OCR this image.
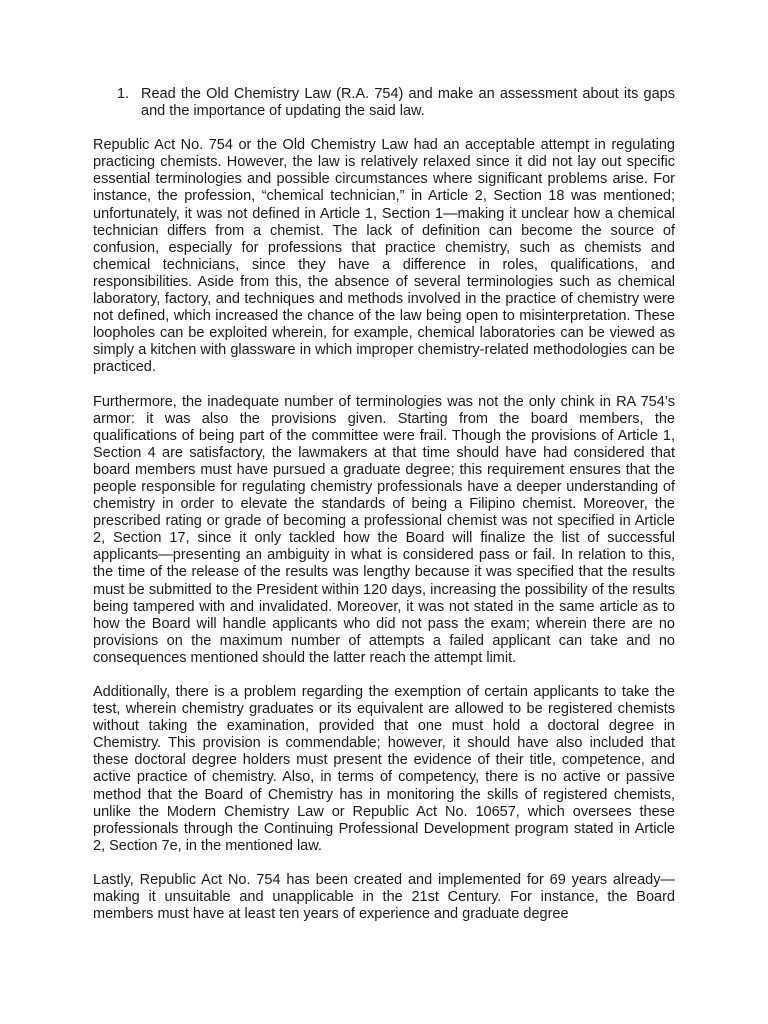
1. Read the Old Chemistry Law (R.A. 754) and make an assessment about its gaps and the importance of updating the said law.

Republic Act No. 754 or the Old Chemistry Law had an acceptable attempt in regulating practicing chemists. However, the law is relatively relaxed since it did not lay out specific essential terminologies and possible circumstances where significant problems arise. For instance, the profession, “chemical technician,” in Article 2, Section 18 was mentioned; unfortunately, it was not defined in Article 1, Section 1—making it unclear how a chemical technician differs from a chemist. The lack of definition can become the source of confusion, especially for professions that practice chemistry, such as chemists and chemical technicians, since they have a difference in roles, qualifications, and responsibilities. Aside from this, the absence of several terminologies such as chemical laboratory, factory, and techniques and methods involved in the practice of chemistry were not defined, which increased the chance of the law being open to misinterpretation. These loopholes can be exploited wherein, for example, chemical laboratories can be viewed as simply a kitchen with glassware in which improper chemistry-related methodologies can be practiced.

Furthermore, the inadequate number of terminologies was not the only chink in RA 754’s armor: it was also the provisions given. Starting from the board members, the qualifications of being part of the committee were frail. Though the provisions of Article 1, Section 4 are satisfactory, the lawmakers at that time should have had considered that board members must have pursued a graduate degree; this requirement ensures that the people responsible for regulating chemistry professionals have a deeper understanding of chemistry in order to elevate the standards of being a Filipino chemist. Moreover, the prescribed rating or grade of becoming a professional chemist was not specified in Article 2, Section 17, since it only tackled how the Board will finalize the list of successful applicants—presenting an ambiguity in what is considered pass or fail. In relation to this, the time of the release of the results was lengthy because it was specified that the results must be submitted to the President within 120 days, increasing the possibility of the results being tampered with and invalidated. Moreover, it was not stated in the same article as to how the Board will handle applicants who did not pass the exam; wherein there are no provisions on the maximum number of attempts a failed applicant can take and no consequences mentioned should the latter reach the attempt limit.

Additionally, there is a problem regarding the exemption of certain applicants to take the test, wherein chemistry graduates or its equivalent are allowed to be registered chemists without taking the examination, provided that one must hold a doctoral degree in Chemistry. This provision is commendable; however, it should have also included that these doctoral degree holders must present the evidence of their title, competence, and active practice of chemistry. Also, in terms of competency, there is no active or passive method that the Board of Chemistry has in monitoring the skills of registered chemists, unlike the Modern Chemistry Law or Republic Act No. 10657, which oversees these professionals through the Continuing Professional Development program stated in Article 2, Section 7e, in the mentioned law.

Lastly, Republic Act No. 754 has been created and implemented for 69 years already—making it unsuitable and unapplicable in the 21st Century. For instance, the Board members must have at least ten years of experience and graduate degree
